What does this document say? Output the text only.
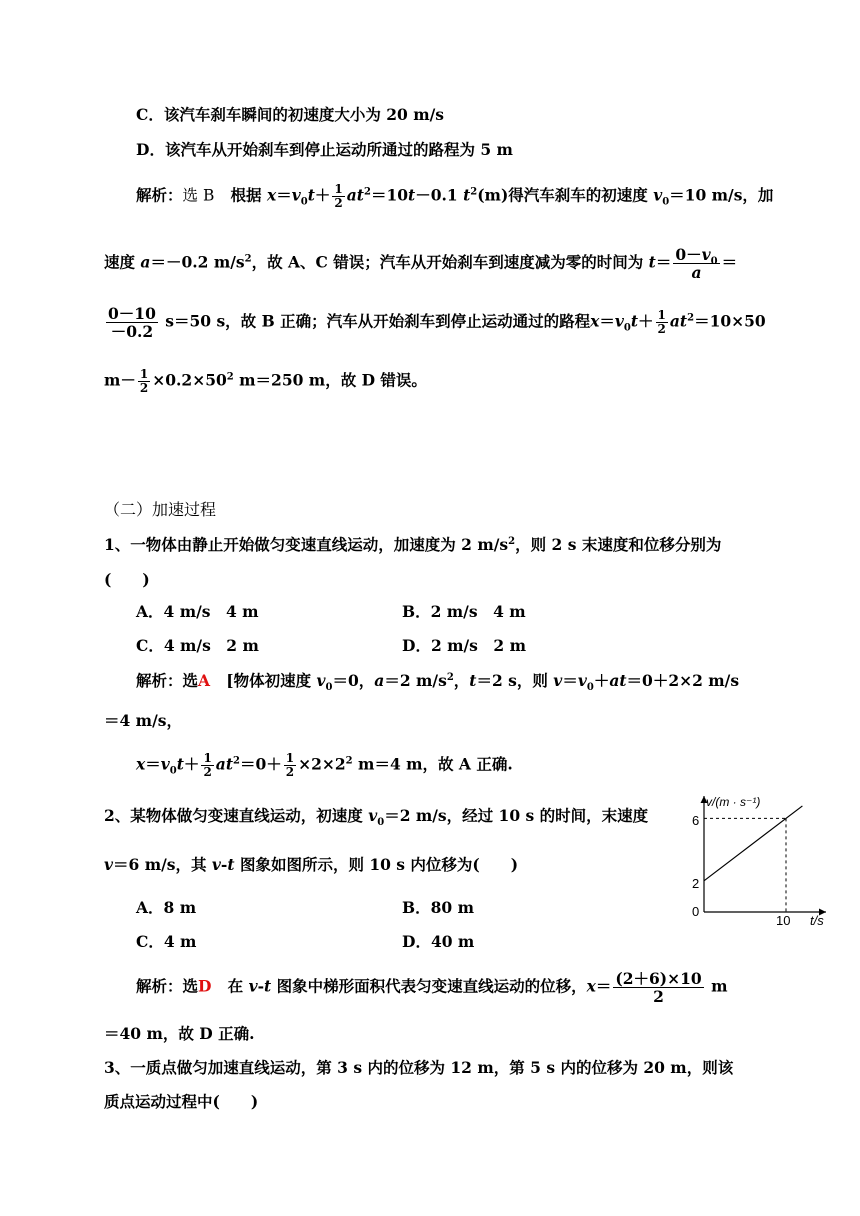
C．该汽车刹车瞬间的初速度大小为 20 m/s
D．该汽车从开始刹车到停止运动所通过的路程为 5 m
解析：选 B 根据 $x=v_0t+ \frac{1}{2} at^2=10t-0.1$ $t^2(m)$得汽车刹车的初速度 $v_0=10$ m/s，加
速度 a＝－0.2 $m/s^2$，故 A、C 错误；汽车从开始刹车到速度减为零的时间为 $t= \frac{0-v_0}{a}$ ＝
$\frac{0-10}{-0.2} s=50$ s，故 B 正确；汽车从开始刹车到停止运动通过的路程$x=v_0t+ \frac{1}{2} at^2=10\times 50$
$m- \frac{1}{2} \times 0.2\times 50^2$ m＝250 m，故 D 错误。
（二）加速过程
1、一物体由静止开始做匀变速直线运动，加速度为 2 $m/s^2$，则 2 s 末速度和位移分别为
(　　)
A．4 m/s　4 m	B．2 m/s　4 m
C．4 m/s　2 m	D．2 m/s　2 m
解析：选A [物体初速度 $v_0=0$，a＝2 $m/s^2$，t＝2 s，则 $v=v_0+at=0+2\times 2$ m/s
＝4 m/s，
$x=v_0t+ \frac{1}{2} at^2=0+ \frac{1}{2} \times 2\times 2^2$ m＝4 m，故 A 正确.
2、某物体做匀变速直线运动，初速度 $v_0=2$ m/s，经过 10 s 的时间，末速度
v＝6 m/s，其 v-t 图象如图所示，则 10 s 内位移为(　　)
A．8 m	B．80 m
C．4 m	D．40 m
解析：选D 在 v-t 图象中梯形面积代表匀变速直线运动的位移，$x= \frac{(2+6)\times 10}{2}$ m
＝40 m，故 D 正确.
3、一质点做匀加速直线运动，第 3 s 内的位移为 12 m，第 5 s 内的位移为 20 m，则该
质点运动过程中(　　)
v/(m · s⁻¹)
t/s
0
2
6
10
